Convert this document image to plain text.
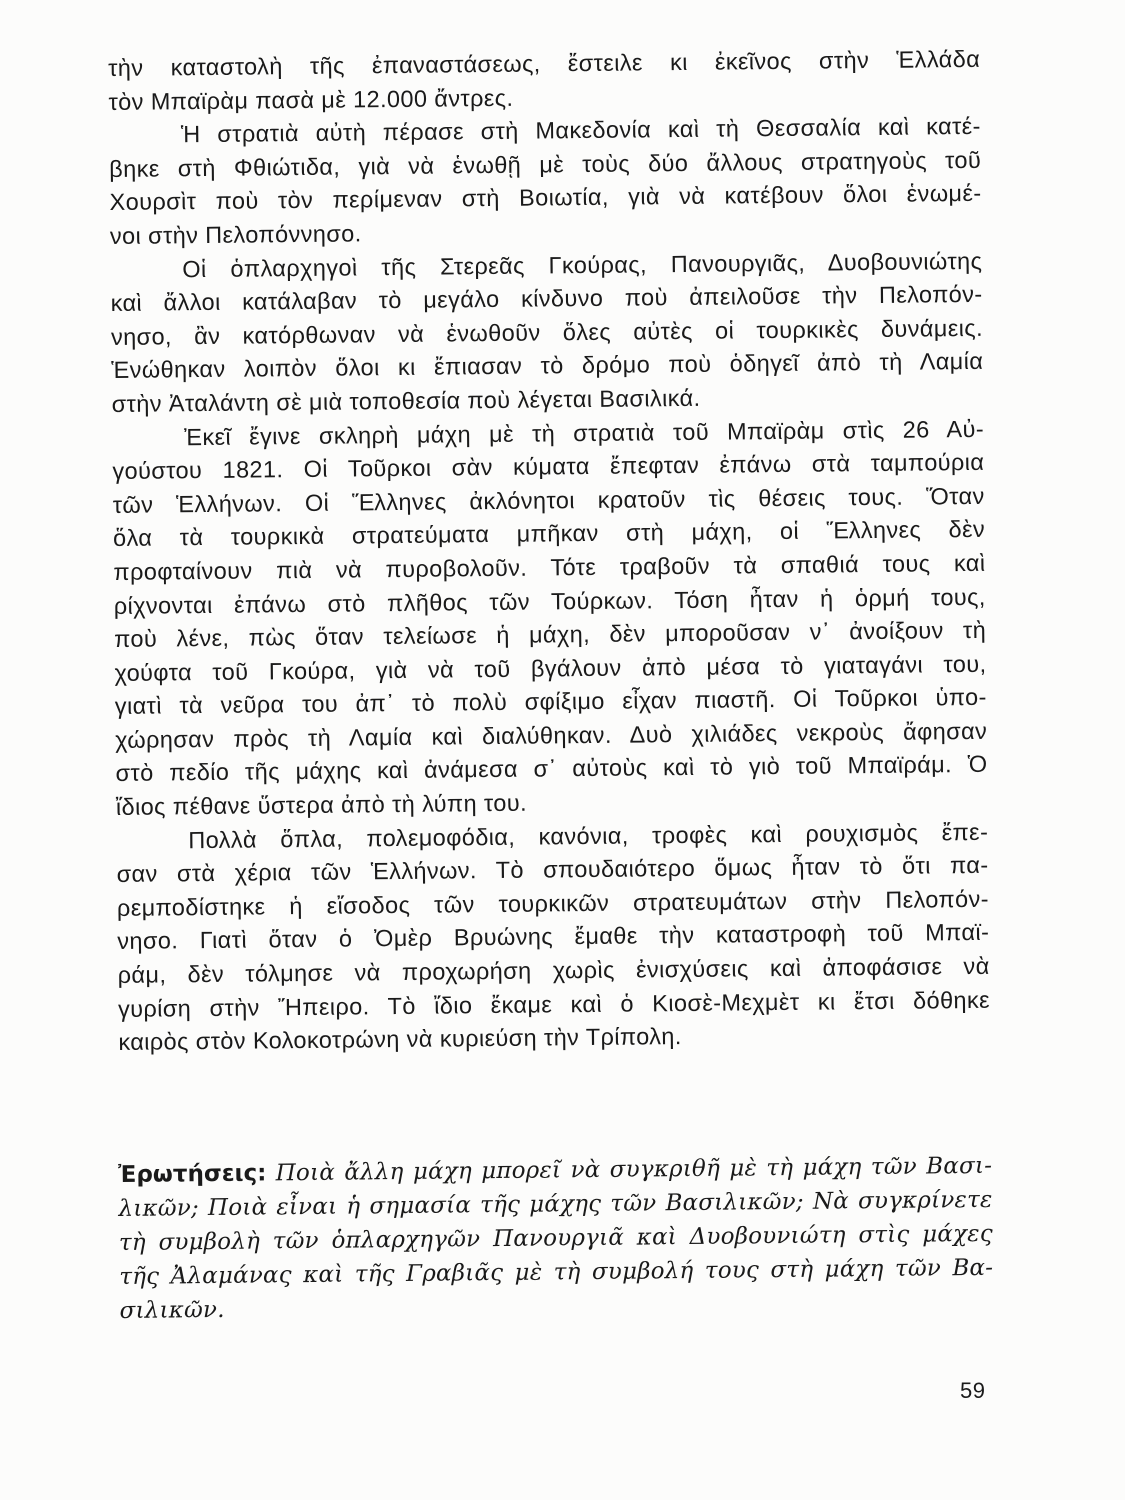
τὴν καταστολὴ τῆς ἐπαναστάσεως, ἔστειλε κι ἐκεῖνος στὴν Ἑλλάδα
τὸν Μπαϊρὰμ πασὰ μὲ 12.000 ἄντρες.
Ἡ στρατιὰ αὐτὴ πέρασε στὴ Μακεδονία καὶ τὴ Θεσσαλία καὶ κατέ-
βηκε στὴ Φθιώτιδα, γιὰ νὰ ἑνωθῇ μὲ τοὺς δύο ἄλλους στρατηγοὺς τοῦ
Χουρσὶτ ποὺ τὸν περίμεναν στὴ Βοιωτία, γιὰ νὰ κατέβουν ὅλοι ἑνωμέ-
νοι στὴν Πελοπόννησο.
Οἱ ὁπλαρχηγοὶ τῆς Στερεᾶς Γκούρας, Πανουργιᾶς, Δυοβουνιώτης
καὶ ἄλλοι κατάλαβαν τὸ μεγάλο κίνδυνο ποὺ ἀπειλοῦσε τὴν Πελοπόν-
νησο, ἂν κατόρθωναν νὰ ἑνωθοῦν ὅλες αὐτὲς οἱ τουρκικὲς δυνάμεις.
Ἑνώθηκαν λοιπὸν ὅλοι κι ἔπιασαν τὸ δρόμο ποὺ ὁδηγεῖ ἀπὸ τὴ Λαμία
στὴν Ἀταλάντη σὲ μιὰ τοποθεσία ποὺ λέγεται Βασιλικά.
Ἐκεῖ ἔγινε σκληρὴ μάχη μὲ τὴ στρατιὰ τοῦ Μπαϊρὰμ στὶς 26 Αὐ-
γούστου 1821. Οἱ Τοῦρκοι σὰν κύματα ἔπεφταν ἐπάνω στὰ ταμπούρια
τῶν Ἑλλήνων. Οἱ Ἕλληνες ἀκλόνητοι κρατοῦν τὶς θέσεις τους. Ὅταν
ὅλα τὰ τουρκικὰ στρατεύματα μπῆκαν στὴ μάχη, οἱ Ἕλληνες δὲν
προφταίνουν πιὰ νὰ πυροβολοῦν. Τότε τραβοῦν τὰ σπαθιά τους καὶ
ρίχνονται ἐπάνω στὸ πλῆθος τῶν Τούρκων. Τόση ἦταν ἡ ὁρμή τους,
ποὺ λένε, πὼς ὅταν τελείωσε ἡ μάχη, δὲν μποροῦσαν ν᾽ ἀνοίξουν τὴ
χούφτα τοῦ Γκούρα, γιὰ νὰ τοῦ βγάλουν ἀπὸ μέσα τὸ γιαταγάνι του,
γιατὶ τὰ νεῦρα του ἀπ᾽ τὸ πολὺ σφίξιμο εἶχαν πιαστῆ. Οἱ Τοῦρκοι ὑπο-
χώρησαν πρὸς τὴ Λαμία καὶ διαλύθηκαν. Δυὸ χιλιάδες νεκροὺς ἄφησαν
στὸ πεδίο τῆς μάχης καὶ ἀνάμεσα σ᾽ αὐτοὺς καὶ τὸ γιὸ τοῦ Μπαϊράμ. Ὁ
ἴδιος πέθανε ὕστερα ἀπὸ τὴ λύπη του.
Πολλὰ ὅπλα, πολεμοφόδια, κανόνια, τροφὲς καὶ ρουχισμὸς ἔπε-
σαν στὰ χέρια τῶν Ἑλλήνων. Τὸ σπουδαιότερο ὅμως ἦταν τὸ ὅτι πα-
ρεμποδίστηκε ἡ εἴσοδος τῶν τουρκικῶν στρατευμάτων στὴν Πελοπόν-
νησο. Γιατὶ ὅταν ὁ Ὀμὲρ Βρυώνης ἔμαθε τὴν καταστροφὴ τοῦ Μπαϊ-
ράμ, δὲν τόλμησε νὰ προχωρήση χωρὶς ἐνισχύσεις καὶ ἀποφάσισε νὰ
γυρίση στὴν Ἤπειρο. Τὸ ἴδιο ἔκαμε καὶ ὁ Κιοσὲ-Μεχμὲτ κι ἔτσι δόθηκε
καιρὸς στὸν Κολοκοτρώνη νὰ κυριεύση τὴν Τρίπολη.
Ἐρωτήσεις: Ποιὰ ἄλλη μάχη μπορεῖ νὰ συγκριθῆ μὲ τὴ μάχη τῶν Βασι-
λικῶν; Ποιὰ εἶναι ἡ σημασία τῆς μάχης τῶν Βασιλικῶν; Νὰ συγκρίνετε
τὴ συμβολὴ τῶν ὁπλαρχηγῶν Πανουργιᾶ καὶ Δυοβουνιώτη στὶς μάχες
τῆς Ἀλαμάνας καὶ τῆς Γραβιᾶς μὲ τὴ συμβολή τους στὴ μάχη τῶν Βα-
σιλικῶν.
59
